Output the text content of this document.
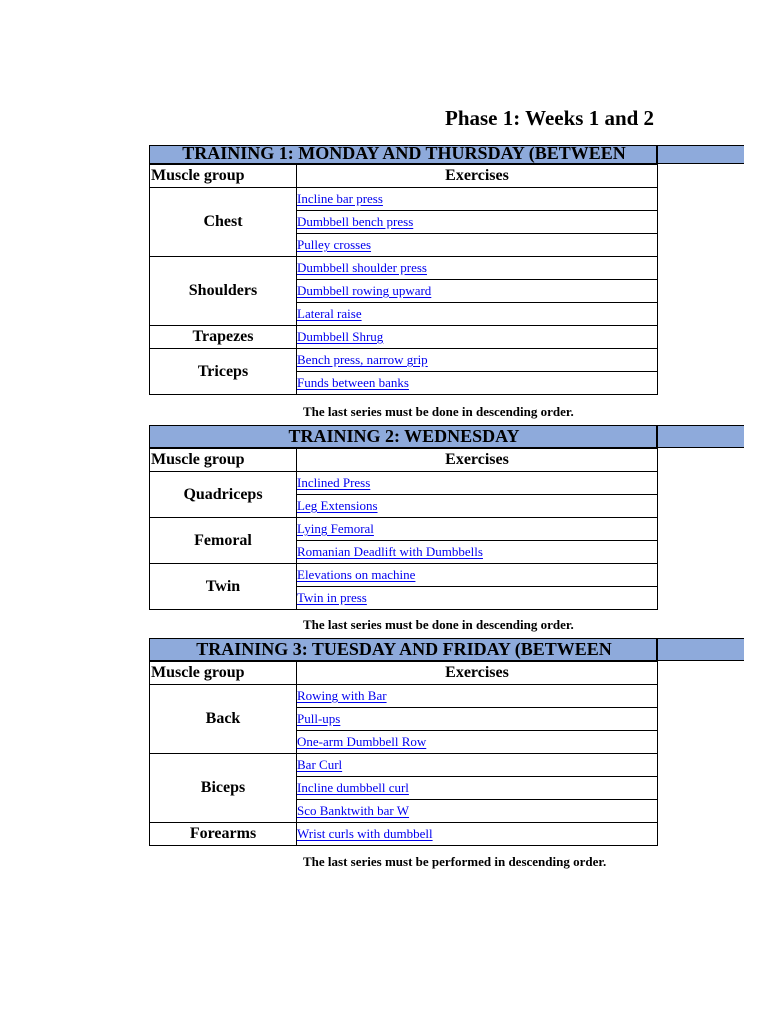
Phase 1: Weeks 1 and 2
TRAINING 1: MONDAY AND THURSDAY (BETWEEN
Muscle group	Exercises
Chest	Incline bar press
	Dumbbell bench press
	Pulley crosses
Shoulders	Dumbbell shoulder press
	Dumbbell rowing upward
	Lateral raise
Trapezes	Dumbbell Shrug
Triceps	Bench press, narrow grip
	Funds between banks
The last series must be done in descending order.
TRAINING 2: WEDNESDAY
Muscle group	Exercises
Quadriceps	Inclined Press
	Leg Extensions
Femoral	Lying Femoral
	Romanian Deadlift with Dumbbells
Twin	Elevations on machine
	Twin in press
The last series must be done in descending order.
TRAINING 3: TUESDAY AND FRIDAY (BETWEEN
Muscle group	Exercises
Back	Rowing with Bar
	Pull-ups
	One-arm Dumbbell Row
Biceps	Bar Curl
	Incline dumbbell curl
	Sco Banktwith bar W
Forearms	Wrist curls with dumbbell
The last series must be performed in descending order.
